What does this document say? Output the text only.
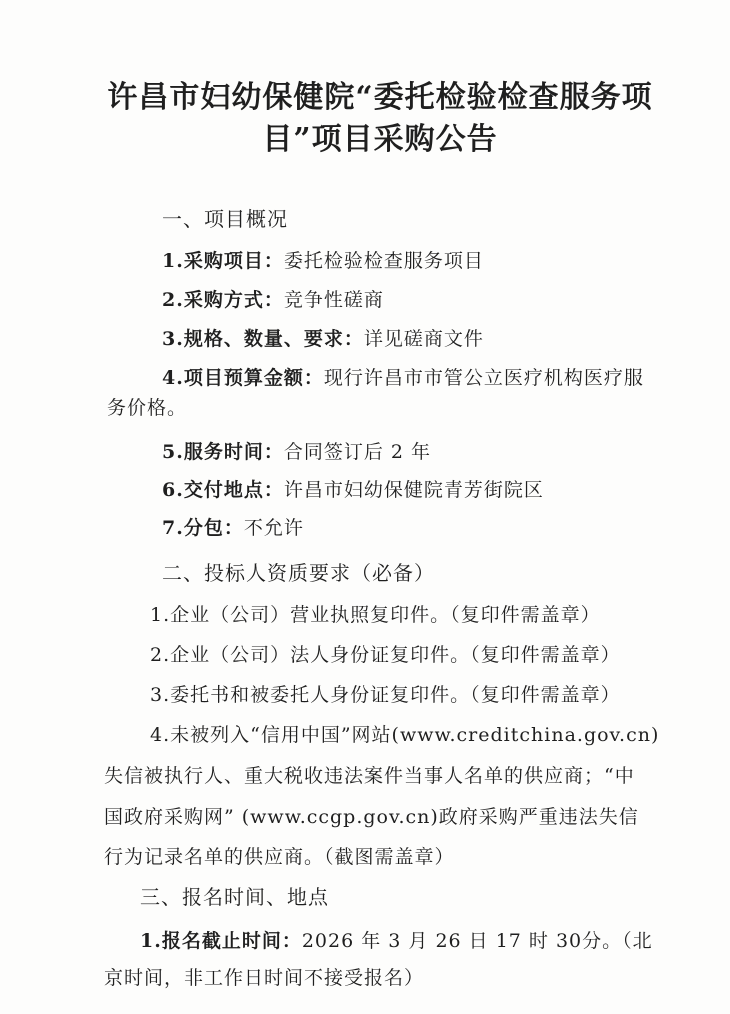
许昌市妇幼保健院“委托检验检查服务项
目”项目采购公告
一、项目概况
1.采购项目：委托检验检查服务项目
2.采购方式：竞争性磋商
3.规格、数量、要求：详见磋商文件
4.项目预算金额：现行许昌市市管公立医疗机构医疗服
务价格。
5.服务时间：合同签订后 2 年
6.交付地点：许昌市妇幼保健院青芳街院区
7.分包：不允许
二、投标人资质要求（必备）
1.企业（公司）营业执照复印件。（复印件需盖章）
2.企业（公司）法人身份证复印件。（复印件需盖章）
3.委托书和被委托人身份证复印件。（复印件需盖章）
4.未被列入“信用中国”网站(www.creditchina.gov.cn)
失信被执行人、重大税收违法案件当事人名单的供应商；“中
国政府采购网” (www.ccgp.gov.cn)政府采购严重违法失信
行为记录名单的供应商。（截图需盖章）
三、报名时间、地点
1.报名截止时间：2026 年 3 月 26 日 17 时 30分。（北
京时间，非工作日时间不接受报名）
